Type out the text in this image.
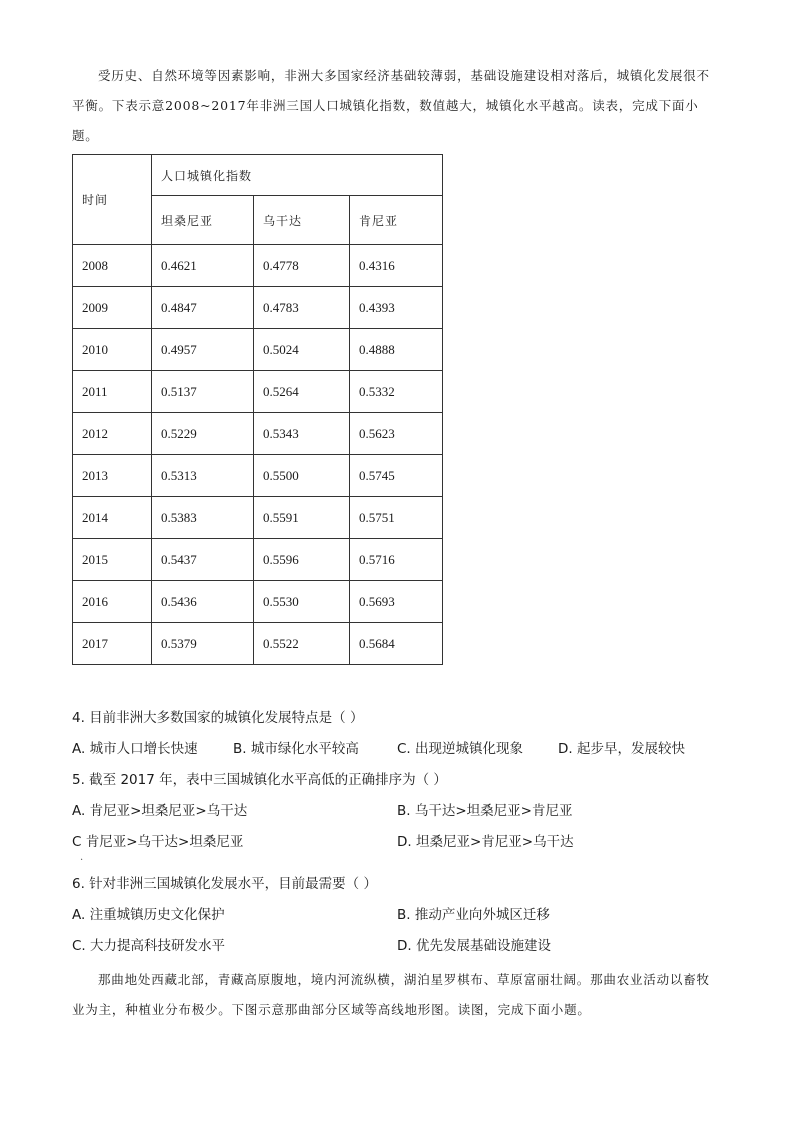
受历史、自然环境等因素影响，非洲大多国家经济基础较薄弱，基础设施建设相对落后，城镇化发展很不平衡。下表示意2008~2017年非洲三国人口城镇化指数，数值越大，城镇化水平越高。读表，完成下面小题。
时间	人口城镇化指数		
	坦桑尼亚	乌干达	肯尼亚
2008	0.4621	0.4778	0.4316
2009	0.4847	0.4783	0.4393
2010	0.4957	0.5024	0.4888
2011	0.5137	0.5264	0.5332
2012	0.5229	0.5343	0.5623
2013	0.5313	0.5500	0.5745
2014	0.5383	0.5591	0.5751
2015	0.5437	0.5596	0.5716
2016	0.5436	0.5530	0.5693
2017	0.5379	0.5522	0.5684
4. 目前非洲大多数国家的城镇化发展特点是（ ）
A. 城市人口增长快速	B. 城市绿化水平较高	C. 出现逆城镇化现象	D. 起步早，发展较快
5. 截至 2017 年，表中三国城镇化水平高低的正确排序为（ ）
A. 肯尼亚>坦桑尼亚>乌干达	B. 乌干达>坦桑尼亚>肯尼亚
C 肯尼亚>乌干达>坦桑尼亚	D. 坦桑尼亚>肯尼亚>乌干达
.
6. 针对非洲三国城镇化发展水平，目前最需要（ ）
A. 注重城镇历史文化保护	B. 推动产业向外城区迁移
C. 大力提高科技研发水平	D. 优先发展基础设施建设
那曲地处西藏北部，青藏高原腹地，境内河流纵横，湖泊星罗棋布、草原富丽壮阔。那曲农业活动以畜牧业为主，种植业分布极少。下图示意那曲部分区域等高线地形图。读图，完成下面小题。
